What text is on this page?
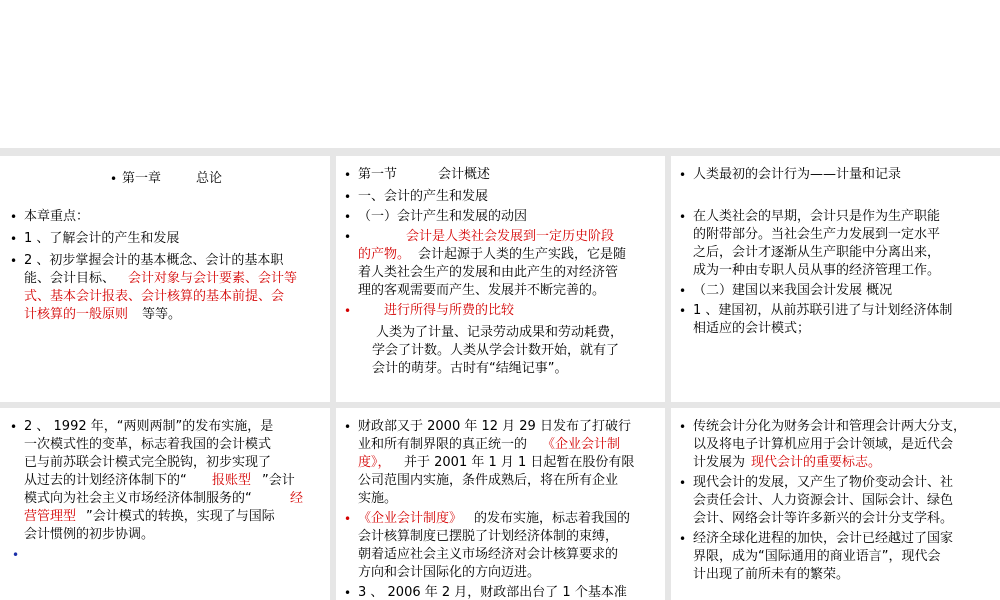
• 第一章	总论
• 本章重点：
• 1 、了解会计的产生和发展
• 2 、初步掌握会计的基本概念、会计的基本职
能、会计目标、 会计对象与会计要素、会计等
式、基本会计报表、会计核算的基本前提、会
计核算的一般原则 等等。
• 第一节	会计概述
• 一、会计的产生和发展
• （一）会计产生和发展的动因
•	会计是人类社会发展到一定历史阶段
的产物。 会计起源于人类的生产实践，它是随
着人类社会生产的发展和由此产生的对经济管
理的客观需要而产生、发展并不断完善的。
•	进行所得与所费的比较
人类为了计量、记录劳动成果和劳动耗费，
学会了计数。人类从学会计数开始，就有了
会计的萌芽。古时有“结绳记事”。
• 人类最初的会计行为——计量和记录
• 在人类社会的早期，会计只是作为生产职能
的附带部分。当社会生产力发展到一定水平
之后，会计才逐渐从生产职能中分离出来，
成为一种由专职人员从事的经济管理工作。
• （二）建国以来我国会计发展 概况
• 1 、建国初，从前苏联引进了与计划经济体制
相适应的会计模式；
• 2 、 1992 年，“两则两制”的发布实施，是
一次模式性的变革，标志着我国的会计模式
已与前苏联会计模式完全脱钩，初步实现了
从过去的计划经济体制下的“ 报账型 ”会计
模式向为社会主义市场经济体制服务的“	经
营管理型 ”会计模式的转换，实现了与国际
会计惯例的初步协调。
•
• 财政部又于 2000 年 12 月 29 日发布了打破行
业和所有制界限的真正统一的 《企业会计制
度》， 并于 2001 年 1 月 1 日起暂在股份有限
公司范围内实施，条件成熟后，将在所有企业
实施。
• 《企业会计制度》 的发布实施，标志着我国的
会计核算制度已摆脱了计划经济体制的束缚，
朝着适应社会主义市场经济对会计核算要求的
方向和会计国际化的方向迈进。
• 3 、 2006 年 2 月，财政部出台了 1 个基本准
• 传统会计分化为财务会计和管理会计两大分支，
以及将电子计算机应用于会计领域，是近代会
计发展为 现代会计的重要标志。
• 现代会计的发展，又产生了物价变动会计、社
会责任会计、人力资源会计、国际会计、绿色
会计、网络会计等许多新兴的会计分支学科。
• 经济全球化进程的加快，会计已经越过了国家
界限，成为“国际通用的商业语言”，现代会
计出现了前所未有的繁荣。
